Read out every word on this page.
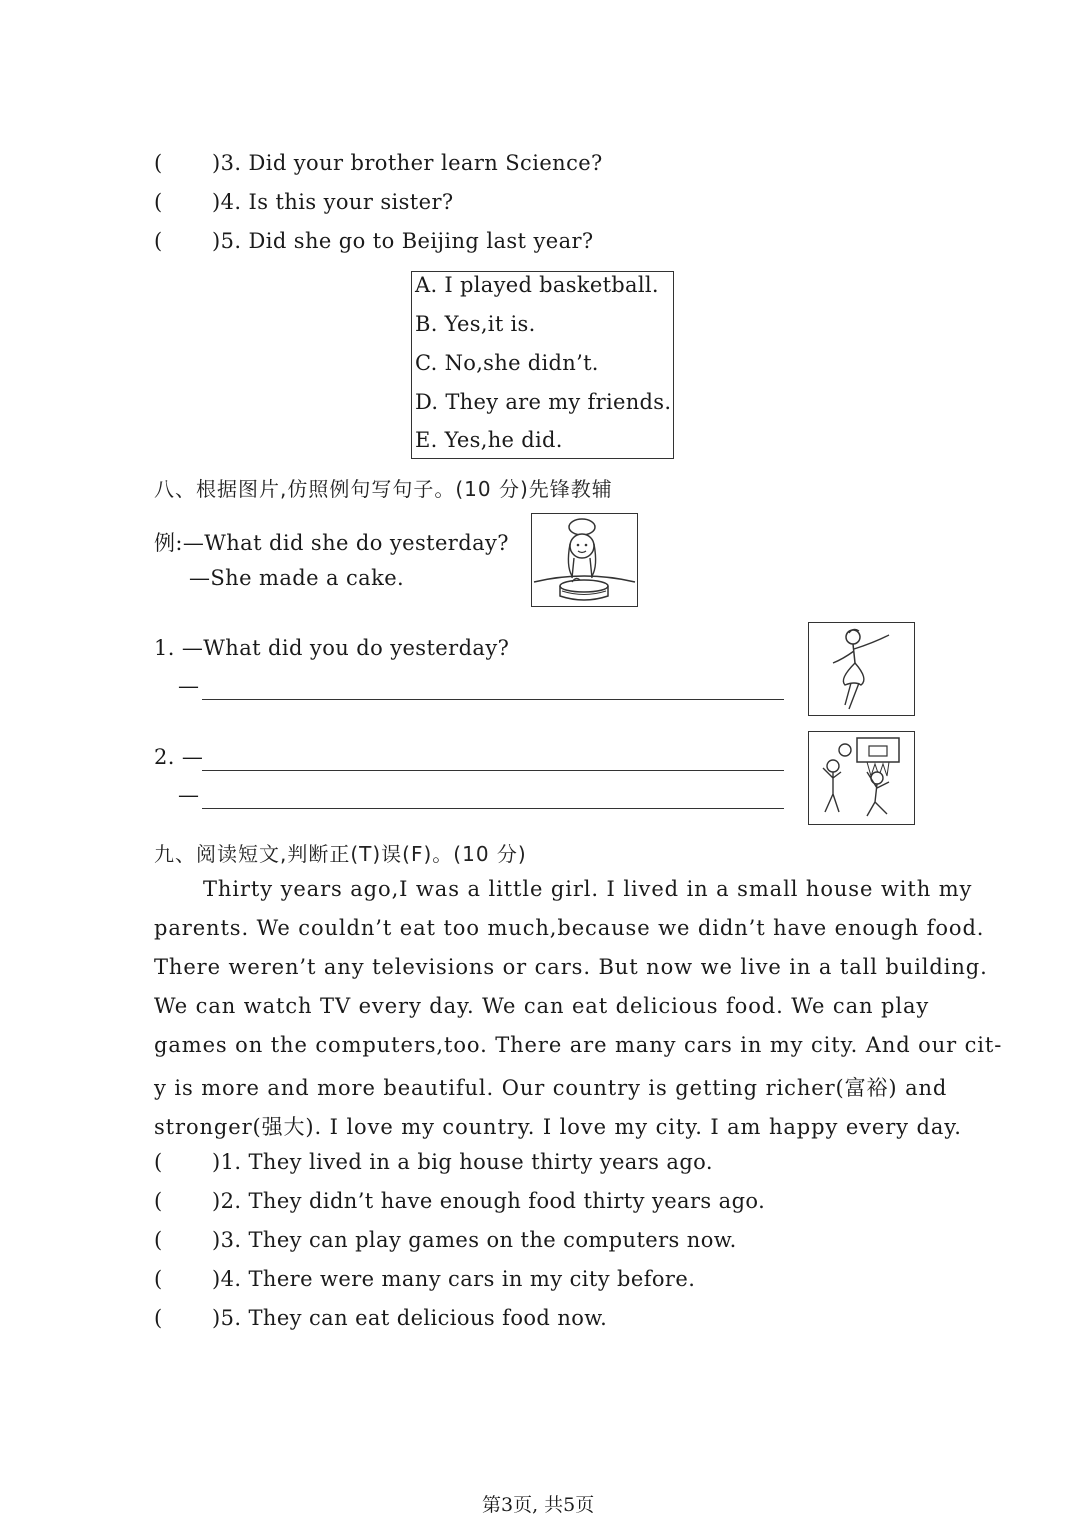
( )3. Did your brother learn Science?
( )4. Is this your sister?
( )5. Did she go to Beijing last year?
A. I played basketball.
B. Yes,it is.
C. No,she didn’t.
D. They are my friends.
E. Yes,he did.
八、根据图片,仿照例句写句子。(10 分)先锋教辅
例:—What did she do yesterday?
—She made a cake.
1. —What did you do yesterday?
—
2. —
—
九、阅读短文,判断正(T)误(F)。(10 分)
Thirty years ago,I was a little girl. I lived in a small house with my
parents. We couldn’t eat too much,because we didn’t have enough food.
There weren’t any televisions or cars. But now we live in a tall building.
We can watch TV every day. We can eat delicious food. We can play
games on the computers,too. There are many cars in my city. And our cit-
y is more and more beautiful. Our country is getting richer(富裕) and
stronger(强大). I love my country. I love my city. I am happy every day.
( )1. They lived in a big house thirty years ago.
( )2. They didn’t have enough food thirty years ago.
( )3. They can play games on the computers now.
( )4. There were many cars in my city before.
( )5. They can eat delicious food now.
第3页, 共5页
